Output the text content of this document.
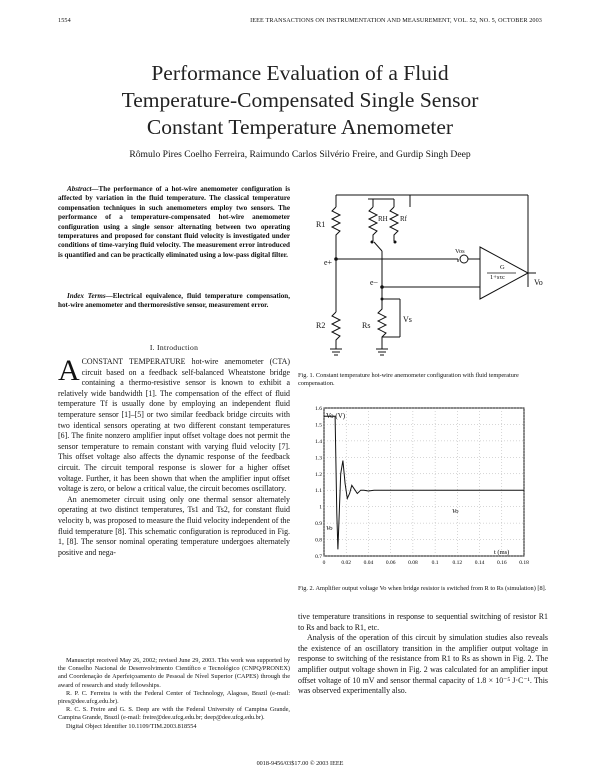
1554	IEEE TRANSACTIONS ON INSTRUMENTATION AND MEASUREMENT, VOL. 52, NO. 5, OCTOBER 2003
Performance Evaluation of a Fluid
Temperature-Compensated Single Sensor
Constant Temperature Anemometer
Rômulo Pires Coelho Ferreira, Raimundo Carlos Silvério Freire, and Gurdip Singh Deep
Abstract—The performance of a hot-wire anemometer configuration is affected by variation in the fluid temperature. The classical temperature compensation techniques in such anemometers employ two sensors. The performance of a temperature-compensated hot-wire anemometer configuration using a single sensor alternating between two operating temperatures and proposed for constant fluid velocity is investigated under conditions of time-varying fluid velocity. The measurement error introduced is quantified and can be practically eliminated using a low-pass digital filter.
Index Terms—Electrical equivalence, fluid temperature compensation, hot-wire anemometer and thermoresistive sensor, measurement error.
I. Introduction

ACONSTANT TEMPERATURE hot-wire anemometer (CTA) circuit based on a feedback self-balanced Wheatstone bridge containing a thermo-resistive sensor is known to exhibit a relatively wide bandwidth [1]. The compensation of the effect of fluid temperature Tf is usually done by employing an independent fluid temperature sensor [1]–[5] or two similar feedback bridge circuits with two identical sensors operating at two different constant temperatures [6]. The finite nonzero amplifier input offset voltage does not permit the sensor temperature to remain constant with varying fluid velocity [7]. This offset voltage also affects the dynamic response of the feedback circuit. The circuit temporal response is slower for a higher offset voltage. Further, it has been shown that when the amplifier input offset voltage is zero, or below a critical value, the circuit becomes oscillatory.

An anemometer circuit using only one thermal sensor alternately operating at two distinct temperatures, Ts1 and Ts2, for constant fluid velocity b, was proposed to measure the fluid velocity independent of the fluid temperature [8]. This schematic configuration is reproduced in Fig. 1, [8]. The sensor nominal operating temperature undergoes alternately positive and nega-

Manuscript received May 26, 2002; revised June 29, 2003. This work was supported by the Conselho Nacional de Desenvolvimento Científico e Tecnológico (CNPQ/PRONEX) and Coordenação de Aperfeiçoamento de Pessoal de Nível Superior (CAPES) through the award of research and study fellowships.

R. P. C. Ferreira is with the Federal Center of Technology, Alagoas, Brazil (e-mail: pires@dee.ufcg.edu.br).

R. C. S. Freire and G. S. Deep are with the Federal University of Campina Grande, Campina Grande, Brazil (e-mail: freire@dee.ufcg.edu.br; deep@dee.ufcg.edu.br).

Digital Object Identifier 10.1109/TIM.2003.818554

R1
RH Rf
e+
e−
Vos
G
1+sτc
Vo
R2	Rs
Vs
Fig. 1. Constant temperature hot-wire anemometer configuration with fluid temperature compensation.
Vo (V)
t (ms)
Vo
Vo
1.6
1.5
1.4
1.3
1.2
1.1
1
0.9
0.8
0.7
0	0.02 0.04 0.06 0.08	0.1	0.12 0.14 0.16 0.18
Fig. 2. Amplifier output voltage Vo when bridge resistor is switched from R to Rs (simulation) [8].

tive temperature transitions in response to sequential switching of resistor R1 to Rs and back to R1, etc.

Analysis of the operation of this circuit by simulation studies also reveals the existence of an oscillatory transition in the amplifier output voltage in response to switching of the resistance from R1 to Rs as shown in Fig. 2. The amplifier output voltage shown in Fig. 2 was calculated for an amplifier input offset voltage of 10 mV and sensor thermal capacity of 1.8 × 10⁻⁵ J·C⁻¹. This was observed experimentally also.

0018-9456/03$17.00 © 2003 IEEE
